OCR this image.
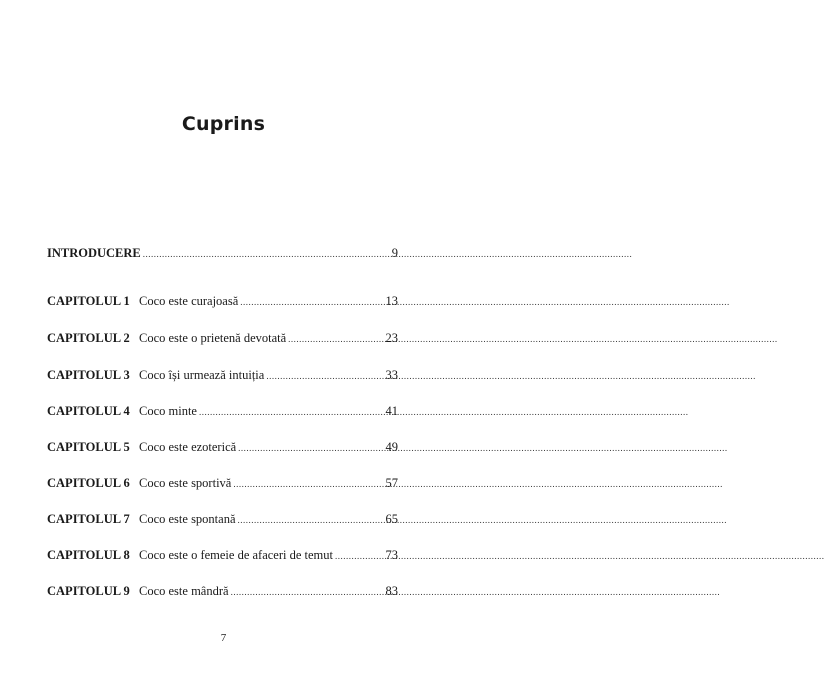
Cuprins
INTRODUCERE .....	9
CAPITOLUL 1 Coco este curajoasă .....	13
CAPITOLUL 2 Coco este o prietenă devotată .....	23
CAPITOLUL 3 Coco își urmează intuiția .....	33
CAPITOLUL 4 Coco minte .....	41
CAPITOLUL 5 Coco este ezoterică .....	49
CAPITOLUL 6 Coco este sportivă .....	57
CAPITOLUL 7 Coco este spontană .....	65
CAPITOLUL 8 Coco este o femeie de afaceri de temut .....	73
CAPITOLUL 9 Coco este mândră .....	83
7
